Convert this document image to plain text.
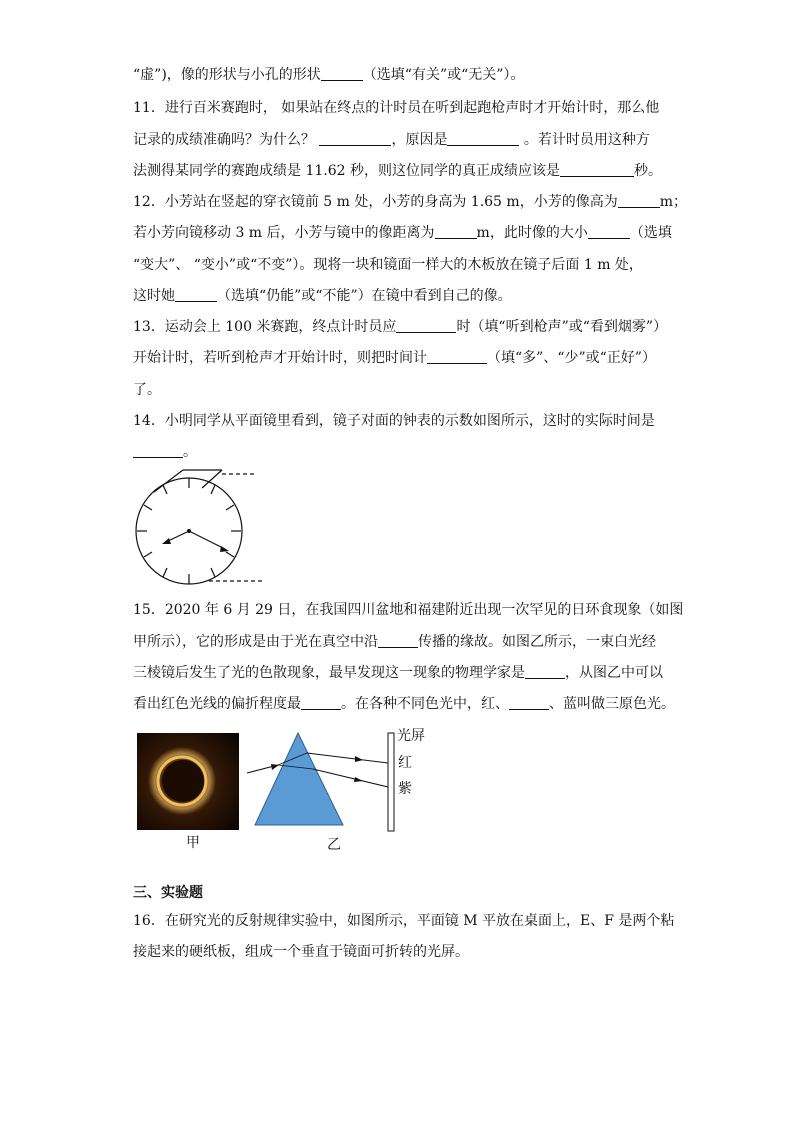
“虚”)，像的形状与小孔的形状	（选填“有关”或“无关”）。
11．进行百米赛跑时， 如果站在终点的计时员在听到起跑枪声时才开始计时，那么他
记录的成绩准确吗？为什么？	，原因是	。若计时员用这种方
法测得某同学的赛跑成绩是 11.62 秒，则这位同学的真正成绩应该是	秒。
12．小芳站在竖起的穿衣镜前 5 m 处，小芳的身高为 1.65 m，小芳的像高为	m；
若小芳向镜移动 3 m 后，小芳与镜中的像距离为	m，此时像的大小	（选填
“变大”、 “变小”或“不变”）。现将一块和镜面一样大的木板放在镜子后面 1 m 处，
这时她	（选填“仍能”或“不能”）在镜中看到自己的像。
13．运动会上 100 米赛跑，终点计时员应	时（填“听到枪声”或“看到烟雾”）
开始计时，若听到枪声才开始计时，则把时间计	（填“多”、“少”或“正好”）
了。
14．小明同学从平面镜里看到，镜子对面的钟表的示数如图所示，这时的实际时间是
。
15．2020 年 6 月 29 日，在我国四川盆地和福建附近出现一次罕见的日环食现象（如图
甲所示），它的形成是由于光在真空中沿	传播的缘故。如图乙所示，一束白光经
三棱镜后发生了光的色散现象，最早发现这一现象的物理学家是	，从图乙中可以
看出红色光线的偏折程度最	。在各种不同色光中，红、	、蓝叫做三原色光。
甲
光屏
红
紫
乙
三、实验题
16．在研究光的反射规律实验中，如图所示，平面镜 M 平放在桌面上，E、F 是两个粘
接起来的硬纸板，组成一个垂直于镜面可折转的光屏。
